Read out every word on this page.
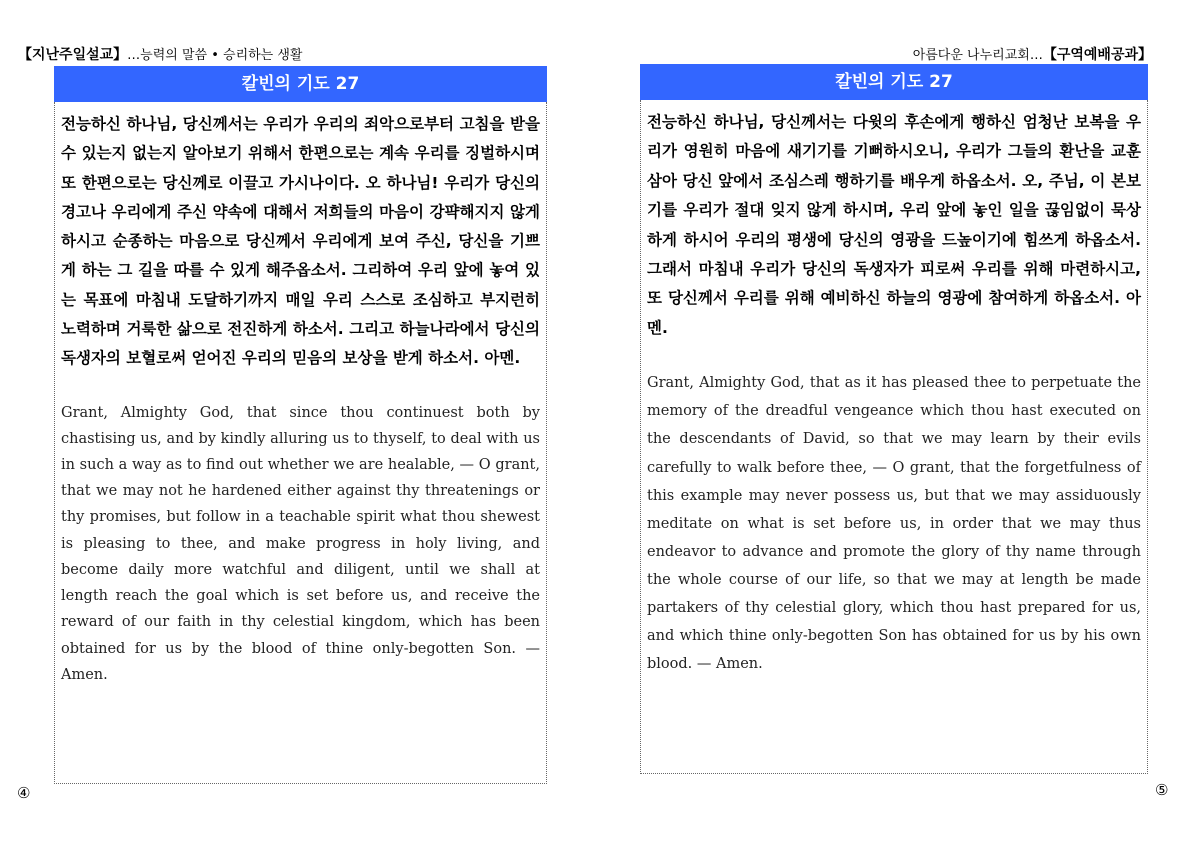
【지난주일설교】…능력의 말씀 • 승리하는 생활	아름다운 나누리교회…【구역예배공과】
칼빈의 기도 27

전능하신 하나님, 당신께서는 우리가 우리의 죄악으로부터 고침을 받을 수 있는지 없는지 알아보기 위해서 한편으로는 계속 우리를 징벌하시며 또 한편으로는 당신께로 이끌고 가시나이다. 오 하나님! 우리가 당신의 경고나 우리에게 주신 약속에 대해서 저희들의 마음이 강퍅해지지 않게 하시고 순종하는 마음으로 당신께서 우리에게 보여 주신, 당신을 기쁘게 하는 그 길을 따를 수 있게 해주옵소서. 그리하여 우리 앞에 놓여 있는 목표에 마침내 도달하기까지 매일 우리 스스로 조심하고 부지런히 노력하며 거룩한 삶으로 전진하게 하소서. 그리고 하늘나라에서 당신의 독생자의 보혈로써 얻어진 우리의 믿음의 보상을 받게 하소서. 아멘.

Grant, Almighty God, that since thou continuest both by chastising us, and by kindly alluring us to thyself, to deal with us in such a way as to find out whether we are healable, — O grant, that we may not he hardened either against thy threatenings or thy promises, but follow in a teachable spirit what thou shewest is pleasing to thee, and make progress in holy living, and become daily more watchful and diligent, until we shall at length reach the goal which is set before us, and receive the reward of our faith in thy celestial kingdom, which has been obtained for us by the blood of thine only-begotten Son. — Amen.

칼빈의 기도 27

전능하신 하나님, 당신께서는 다윗의 후손에게 행하신 엄청난 보복을 우리가 영원히 마음에 새기기를 기뻐하시오니, 우리가 그들의 환난을 교훈 삼아 당신 앞에서 조심스레 행하기를 배우게 하옵소서. 오, 주님, 이 본보기를 우리가 절대 잊지 않게 하시며, 우리 앞에 놓인 일을 끊임없이 묵상하게 하시어 우리의 평생에 당신의 영광을 드높이기에 힘쓰게 하옵소서. 그래서 마침내 우리가 당신의 독생자가 피로써 우리를 위해 마련하시고, 또 당신께서 우리를 위해 예비하신 하늘의 영광에 참여하게 하옵소서. 아멘.

Grant, Almighty God, that as it has pleased thee to perpetuate the memory of the dreadful vengeance which thou hast executed on the descendants of David, so that we may learn by their evils carefully to walk before thee, — O grant, that the forgetfulness of this example may never possess us, but that we may assiduously meditate on what is set before us, in order that we may thus endeavor to advance and promote the glory of thy name through the whole course of our life, so that we may at length be made partakers of thy celestial glory, which thou hast prepared for us, and which thine only-begotten Son has obtained for us by his own blood. — Amen.

④	⑤
